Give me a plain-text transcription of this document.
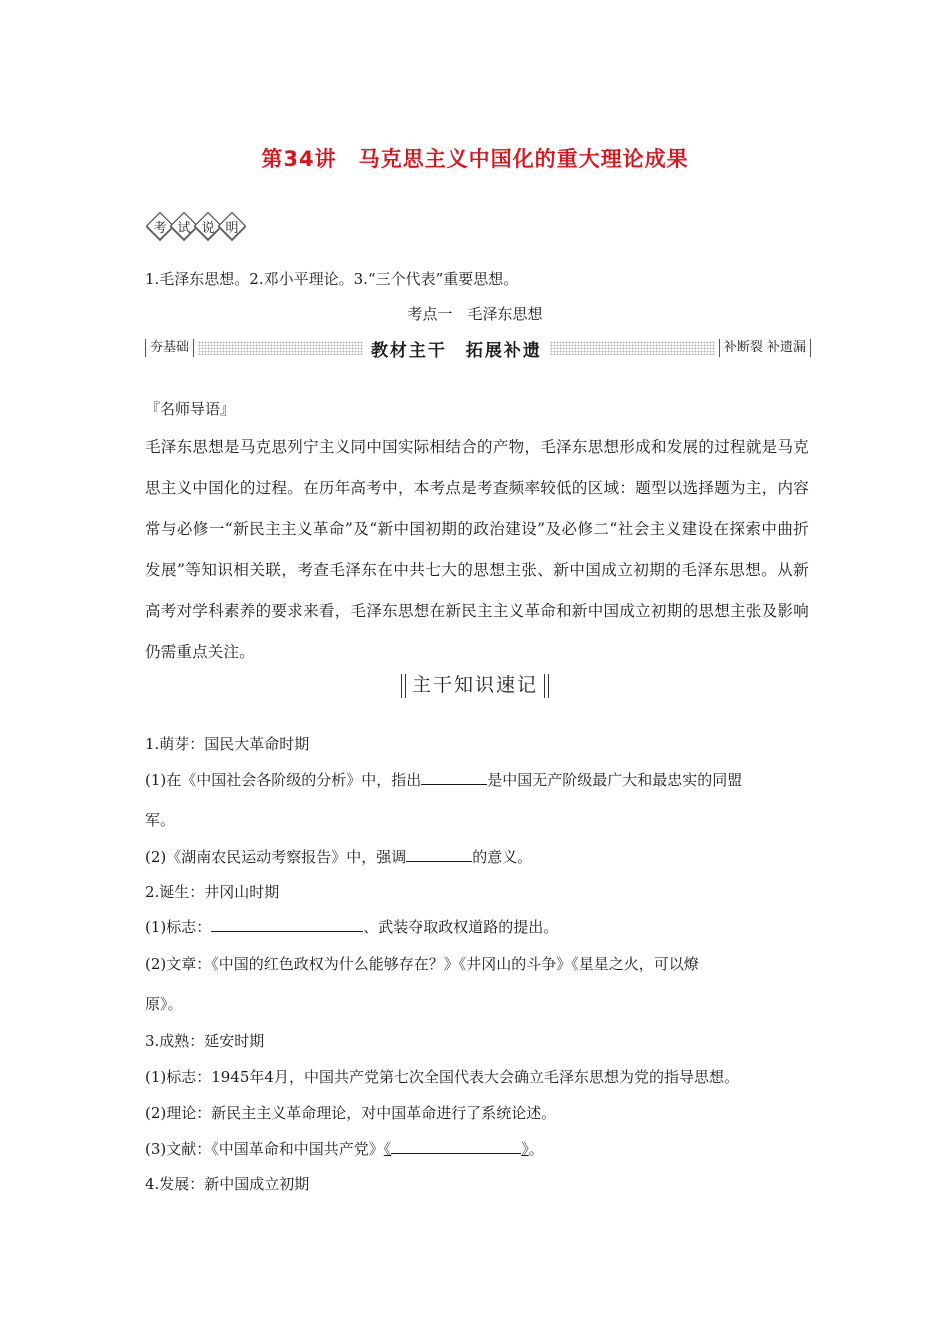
第34讲　马克思主义中国化的重大理论成果
考 试 说 明
1.毛泽东思想。2.邓小平理论。3.“三个代表”重要思想。
考点一　毛泽东思想
夯基础	教材主干　拓展补遗	补断裂 补遗漏
『名师导语』
毛泽东思想是马克思列宁主义同中国实际相结合的产物，毛泽东思想形成和发展的过程就是马克思主义中国化的过程。在历年高考中，本考点是考查频率较低的区域：题型以选择题为主，内容常与必修一“新民主主义革命”及“新中国初期的政治建设”及必修二“社会主义建设在探索中曲折发展”等知识相关联，考查毛泽东在中共七大的思想主张、新中国成立初期的毛泽东思想。从新高考对学科素养的要求来看，毛泽东思想在新民主主义革命和新中国成立初期的思想主张及影响仍需重点关注。
主干知识速记
1.萌芽：国民大革命时期
(1)在《中国社会各阶级的分析》中，指出	是中国无产阶级最广大和最忠实的同盟
军。
(2)《湖南农民运动考察报告》中，强调	的意义。
2.诞生：井冈山时期
(1)标志：	、武装夺取政权道路的提出。
(2)文章：《中国的红色政权为什么能够存在？》《井冈山的斗争》《星星之火，可以燎
原》。
3.成熟：延安时期
(1)标志：1945年4月，中国共产党第七次全国代表大会确立毛泽东思想为党的指导思想。
(2)理论：新民主主义革命理论，对中国革命进行了系统论述。
(3)文献：《中国革命和中国共产党》《	》。
4.发展：新中国成立初期
